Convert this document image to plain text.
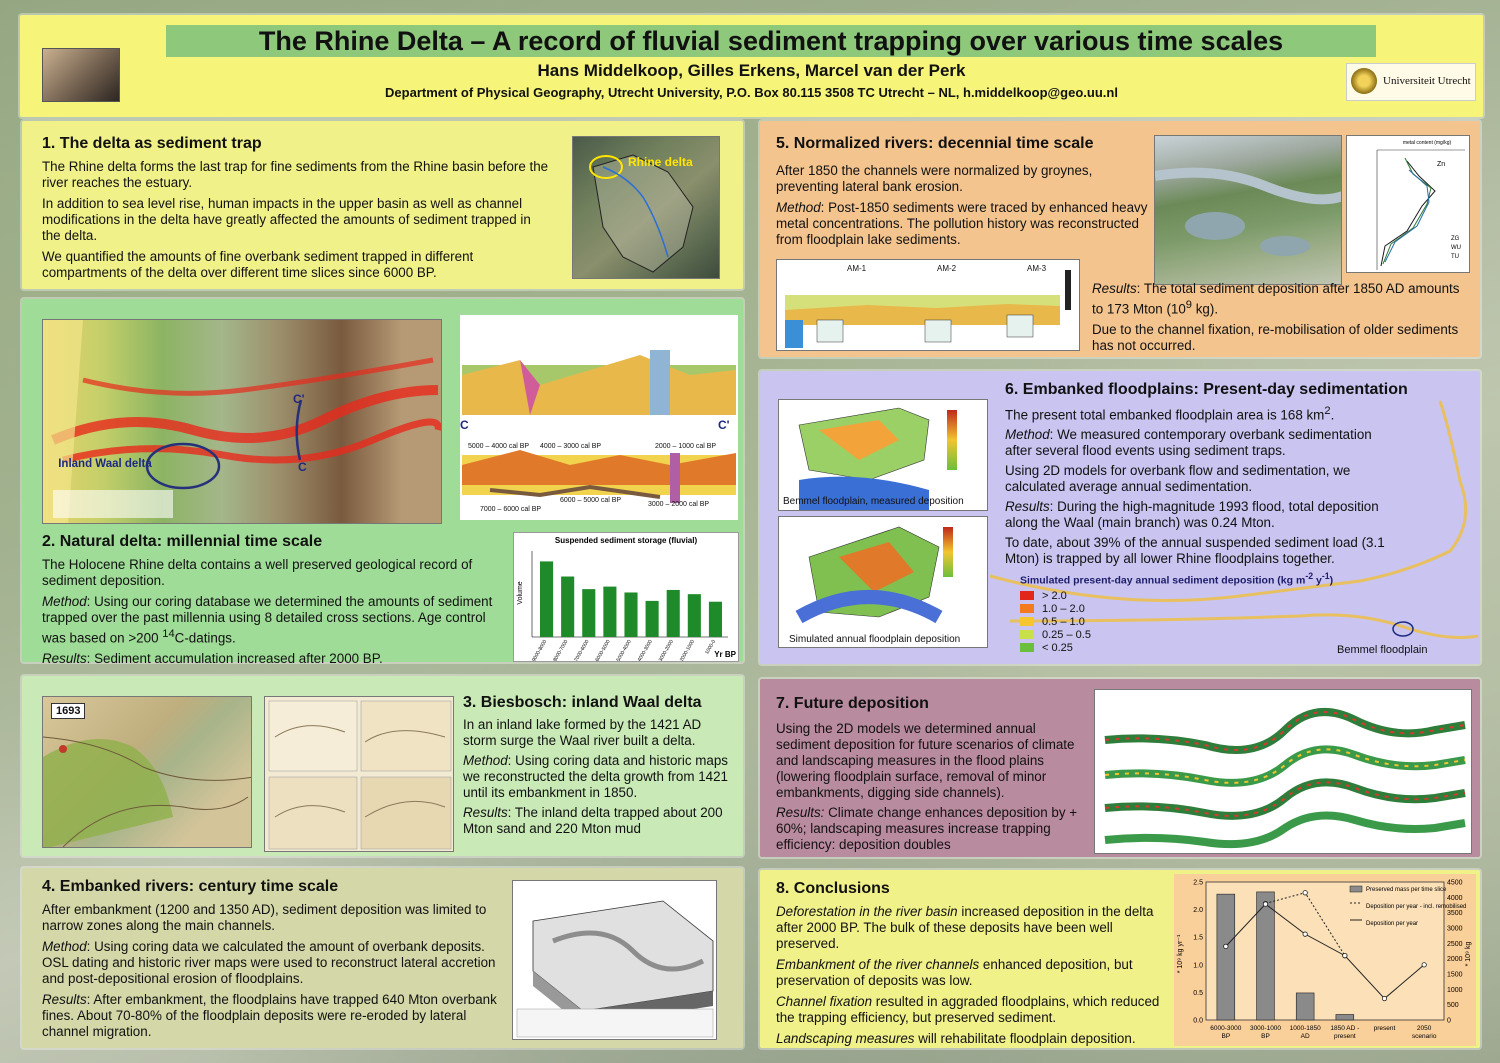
The Rhine Delta – A record of fluvial sediment trapping over various time scales
Hans Middelkoop, Gilles Erkens, Marcel van der Perk
Department of Physical Geography, Utrecht University, P.O. Box 80.115 3508 TC Utrecht – NL, h.middelkoop@geo.uu.nl
Universiteit Utrecht
1. The delta as sediment trap

The Rhine delta forms the last trap for fine sediments from the Rhine basin before the river reaches the estuary.

In addition to sea level rise, human impacts in the upper basin as well as channel modifications in the delta have greatly affected the amounts of sediment trapped in the delta.

We quantified the amounts of fine overbank sediment trapped in different compartments of the delta over different time slices since 6000 BP.

Rhine delta
Inland Waal delta
C'
C
C	C'
5000 – 4000 cal BP 4000 – 3000 cal BP	2000 – 1000 cal BP
6000 – 5000 cal BP
3000 – 2000 cal BP
7000 – 6000 cal BP
2. Natural delta: millennial time scale

The Holocene Rhine delta contains a well preserved geological record of sediment deposition.

Method: Using our coring database we determined the amounts of sediment trapped over the past millennia using 8 detailed cross sections. Age control was based on >200 $^{14}$C-datings.

Results: Sediment accumulation increased after 2000 BP.

Suspended sediment storage (fluvial)
Yr BP
Volume
9000-8000 8000-7000 7000-6000 6000-5000 5000-4000 4000-3000 3000-2000 2000-1000 1000-0
1693	3. Biesbosch: inland Waal delta

In an inland lake formed by the 1421 AD storm surge the Waal river built a delta.

Method: Using coring data and historic maps we reconstructed the delta growth from 1421 until its embankment in 1850.

Results: The inland delta trapped about 200 Mton sand and 220 Mton mud

4. Embanked rivers: century time scale

After embankment (1200 and 1350 AD), sediment deposition was limited to narrow zones along the main channels.

Method: Using coring data we calculated the amount of overbank deposits. OSL dating and historic river maps were used to reconstruct lateral accretion and post-depositional erosion of floodplains.

Results: After embankment, the floodplains have trapped 640 Mton overbank fines. About 70-80% of the floodplain deposits were re-eroded by lateral channel migration.

5. Normalized rivers: decennial time scale

After 1850 the channels were normalized by groynes, preventing lateral bank erosion.

Method: Post-1850 sediments were traced by enhanced heavy metal concentrations. The pollution history was reconstructed from floodplain lake sediments.

metal content (mg/kg)
Zn
ZG
WU
TU
AM-1	AM-2	AM-3

Results: The total sediment deposition after 1850 AD amounts to 173 Mton ($10^9$ kg).

Due to the channel fixation, re-mobilisation of older sediments has not occurred.

Bemmel floodplain, measured deposition
Simulated annual floodplain deposition
6. Embanked floodplains: Present-day sedimentation

The present total embanked floodplain area is 168 $km^2$.

Method: We measured contemporary overbank sedimentation after several flood events using sediment traps.

Using 2D models for overbank flow and sedimentation, we calculated average annual sedimentation.

Results: During the high-magnitude 1993 flood, total deposition along the Waal (main branch) was 0.24 Mton.

To date, about 39% of the annual suspended sediment load (3.1 Mton) is trapped by all lower Rhine floodplains together.

Simulated present-day annual sediment deposition (kg $m^{-2}$ $y^{-1}$)
> 2.0
1.0 – 2.0
0.5 – 1.0
0.25 – 0.5
< 0.25	Bemmel floodplain
7. Future deposition

Using the 2D models we determined annual sediment deposition for future scenarios of climate and landscaping measures in the flood plains (lowering floodplain surface, removal of minor embankments, digging side channels).

Results: Climate change enhances deposition by + 60%; landscaping measures increase trapping efficiency: deposition doubles

8. Conclusions

Deforestation in the river basin increased deposition in the delta after 2000 BP. The bulk of these deposits have been well preserved.

Embankment of the river channels enhanced deposition, but preservation of deposits was low.

Channel fixation resulted in aggraded floodplains, which reduced the trapping efficiency, but preserved sediment.

Landscaping measures will rehabilitate floodplain deposition.

0.0
0.5
1.0
1.5
2.0
2.5
0
500
1000
1500
2000
2500
3000
3500
4000
4500
* 10⁹ kg yr⁻¹	* 10⁹ kg
6000-3000
BP
3000-1000
BP
1000-1850
AD
1850 AD -
present
present	2050
scenario
Preserved mass per time slice
Deposition per year - incl. remobilised
Deposition per year
